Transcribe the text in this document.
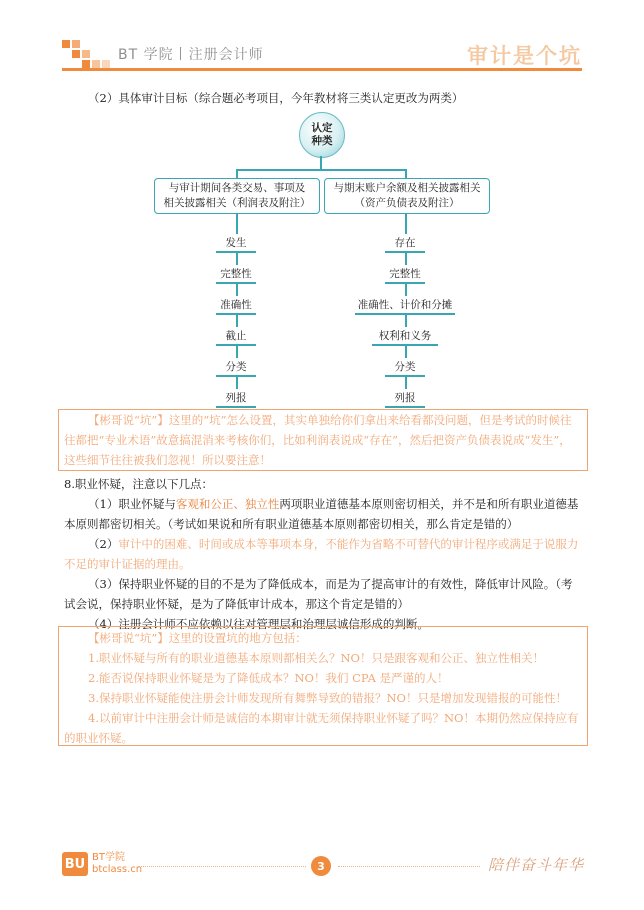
BT 学院丨注册会计师	审计是个坑
（2）具体审计目标（综合题必考项目，今年教材将三类认定更改为两类）
认定
种类
与审计期间各类交易、事项及
相关披露相关（利润表及附注）
与期末账户余额及相关披露相关
（资产负债表及附注）
发生
完整性
准确性
截止
分类
列报
存在
完整性
准确性、计价和分摊
权利和义务
分类
列报
【彬哥说“坑”】这里的“坑”怎么设置，其实单独给你们拿出来给看都没问题，但是考试的时候往往都把“专业术语”故意搞混消来考核你们，比如利润表说成“存在”，然后把资产负债表说成“发生”，这些细节往往被我们忽视！所以要注意！
8.职业怀疑，注意以下几点：
（1）职业怀疑与客观和公正、独立性两项职业道德基本原则密切相关，并不是和所有职业道德基本原则都密切相关。（考试如果说和所有职业道德基本原则都密切相关，那么肯定是错的）
（2）审计中的困难、时间或成本等事项本身，不能作为省略不可替代的审计程序或满足于说服力不足的审计证据的理由。
（3）保持职业怀疑的目的不是为了降低成本，而是为了提高审计的有效性，降低审计风险。（考试会说，保持职业怀疑，是为了降低审计成本，那这个肯定是错的）
（4）注册会计师不应依赖以往对管理层和治理层诚信形成的判断。
【彬哥说“坑”】这里的设置坑的地方包括：
1.职业怀疑与所有的职业道德基本原则都相关么？NO！只是跟客观和公正、独立性相关！
2.能否说保持职业怀疑是为了降低成本？NO！我们 CPA 是严谨的人！
3.保持职业怀疑能使注册会计师发现所有舞弊导致的错报？NO！只是增加发现错报的可能性！
4.以前审计中注册会计师是诚信的本期审计就无须保持职业怀疑了吗？NO！本期仍然应保持应有的职业怀疑。
BU BT学院
btclass.cn	3	陪伴奋斗年华
